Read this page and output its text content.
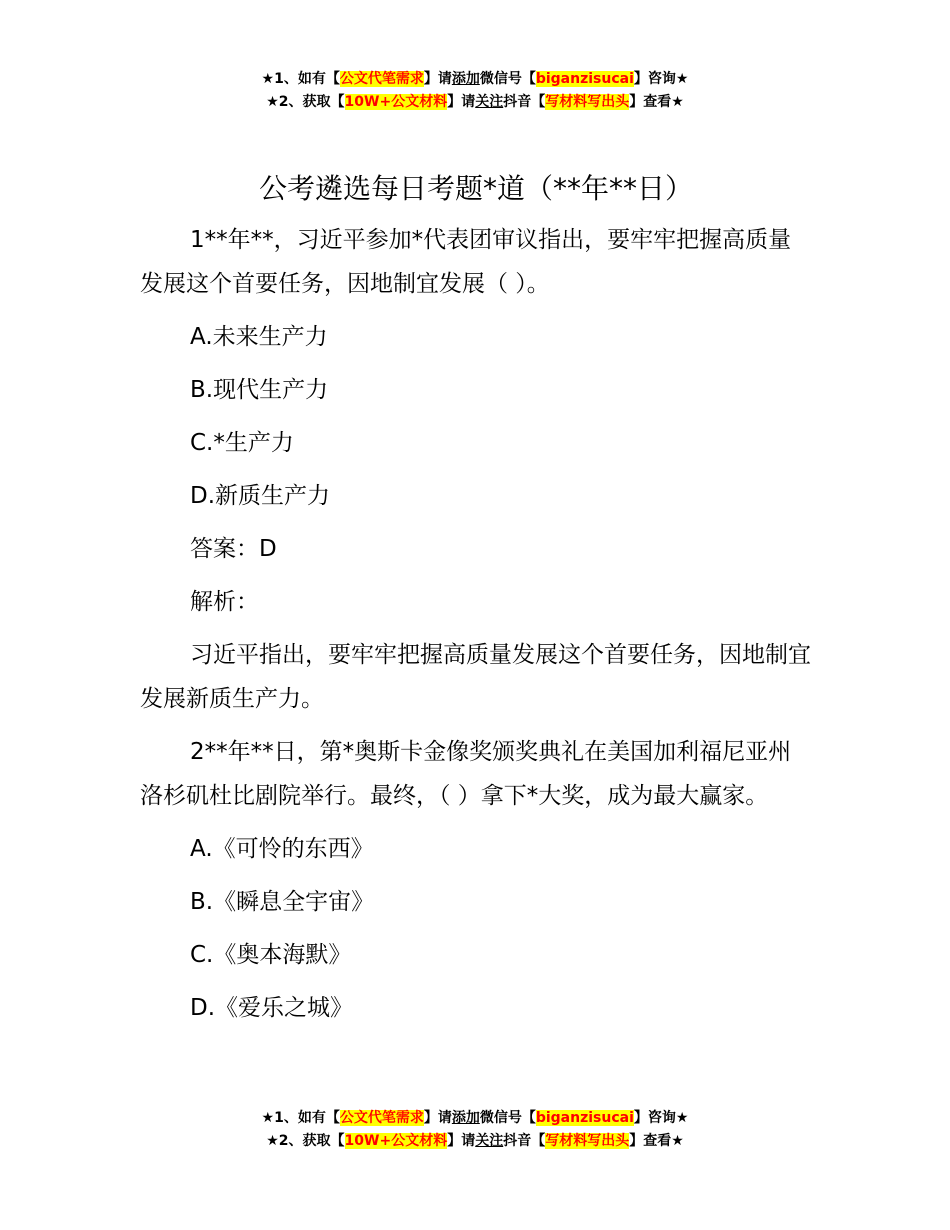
★1、如有【公文代笔需求】请添加微信号【biganzisucai】咨询★
★2、获取【10W+公文材料】请关注抖音【写材料写出头】查看★
公考遴选每日考题*道（**年**日）

1**年**，习近平参加*代表团审议指出，要牢牢把握高质量发展这个首要任务，因地制宜发展（ ）。

A.未来生产力

B.现代生产力

C.*生产力

D.新质生产力

答案：D

解析：

习近平指出，要牢牢把握高质量发展这个首要任务，因地制宜发展新质生产力。

2**年**日，第*奥斯卡金像奖颁奖典礼在美国加利福尼亚州洛杉矶杜比剧院举行。最终，（ ）拿下*大奖，成为最大赢家。

A.《可怜的东西》

B.《瞬息全宇宙》

C.《奥本海默》

D.《爱乐之城》

★1、如有【公文代笔需求】请添加微信号【biganzisucai】咨询★
★2、获取【10W+公文材料】请关注抖音【写材料写出头】查看★
